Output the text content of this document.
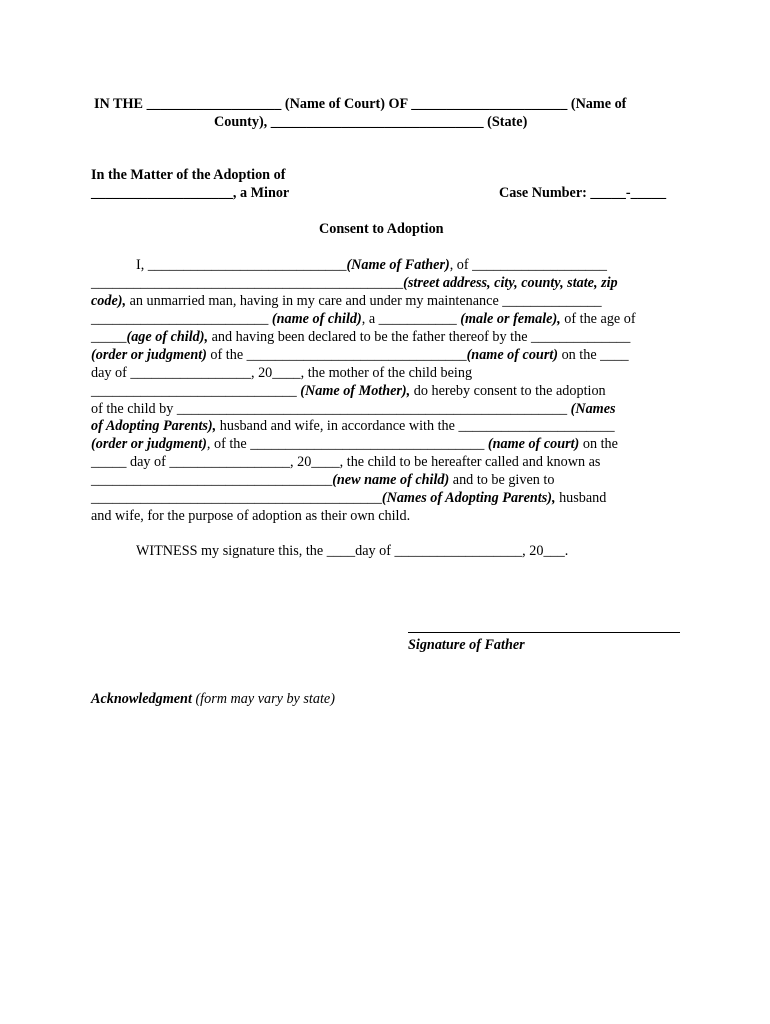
IN THE ___________________ (Name of Court) OF ______________________ (Name of
County), ______________________________ (State)
In the Matter of the Adoption of
____________________, a Minor	Case Number: _____-_____
Consent to Adoption
I, ____________________________(Name of Father), of ___________________
____________________________________________(street address, city, county, state, zip
code), an unmarried man, having in my care and under my maintenance ______________
_________________________ (name of child), a ___________ (male or female), of the age of
_____(age of child), and having been declared to be the father thereof by the ______________
(order or judgment) of the _______________________________(name of court) on the ____
day of _________________, 20____, the mother of the child being
_____________________________ (Name of Mother), do hereby consent to the adoption
of the child by _______________________________________________________ (Names
of Adopting Parents), husband and wife, in accordance with the ______________________
(order or judgment), of the _________________________________ (name of court) on the
_____ day of _________________, 20____, the child to be hereafter called and known as
__________________________________(new name of child) and to be given to
_________________________________________(Names of Adopting Parents), husband
and wife, for the purpose of adoption as their own child.
WITNESS my signature this, the ____day of __________________, 20___.
Signature of Father
Acknowledgment (form may vary by state)
